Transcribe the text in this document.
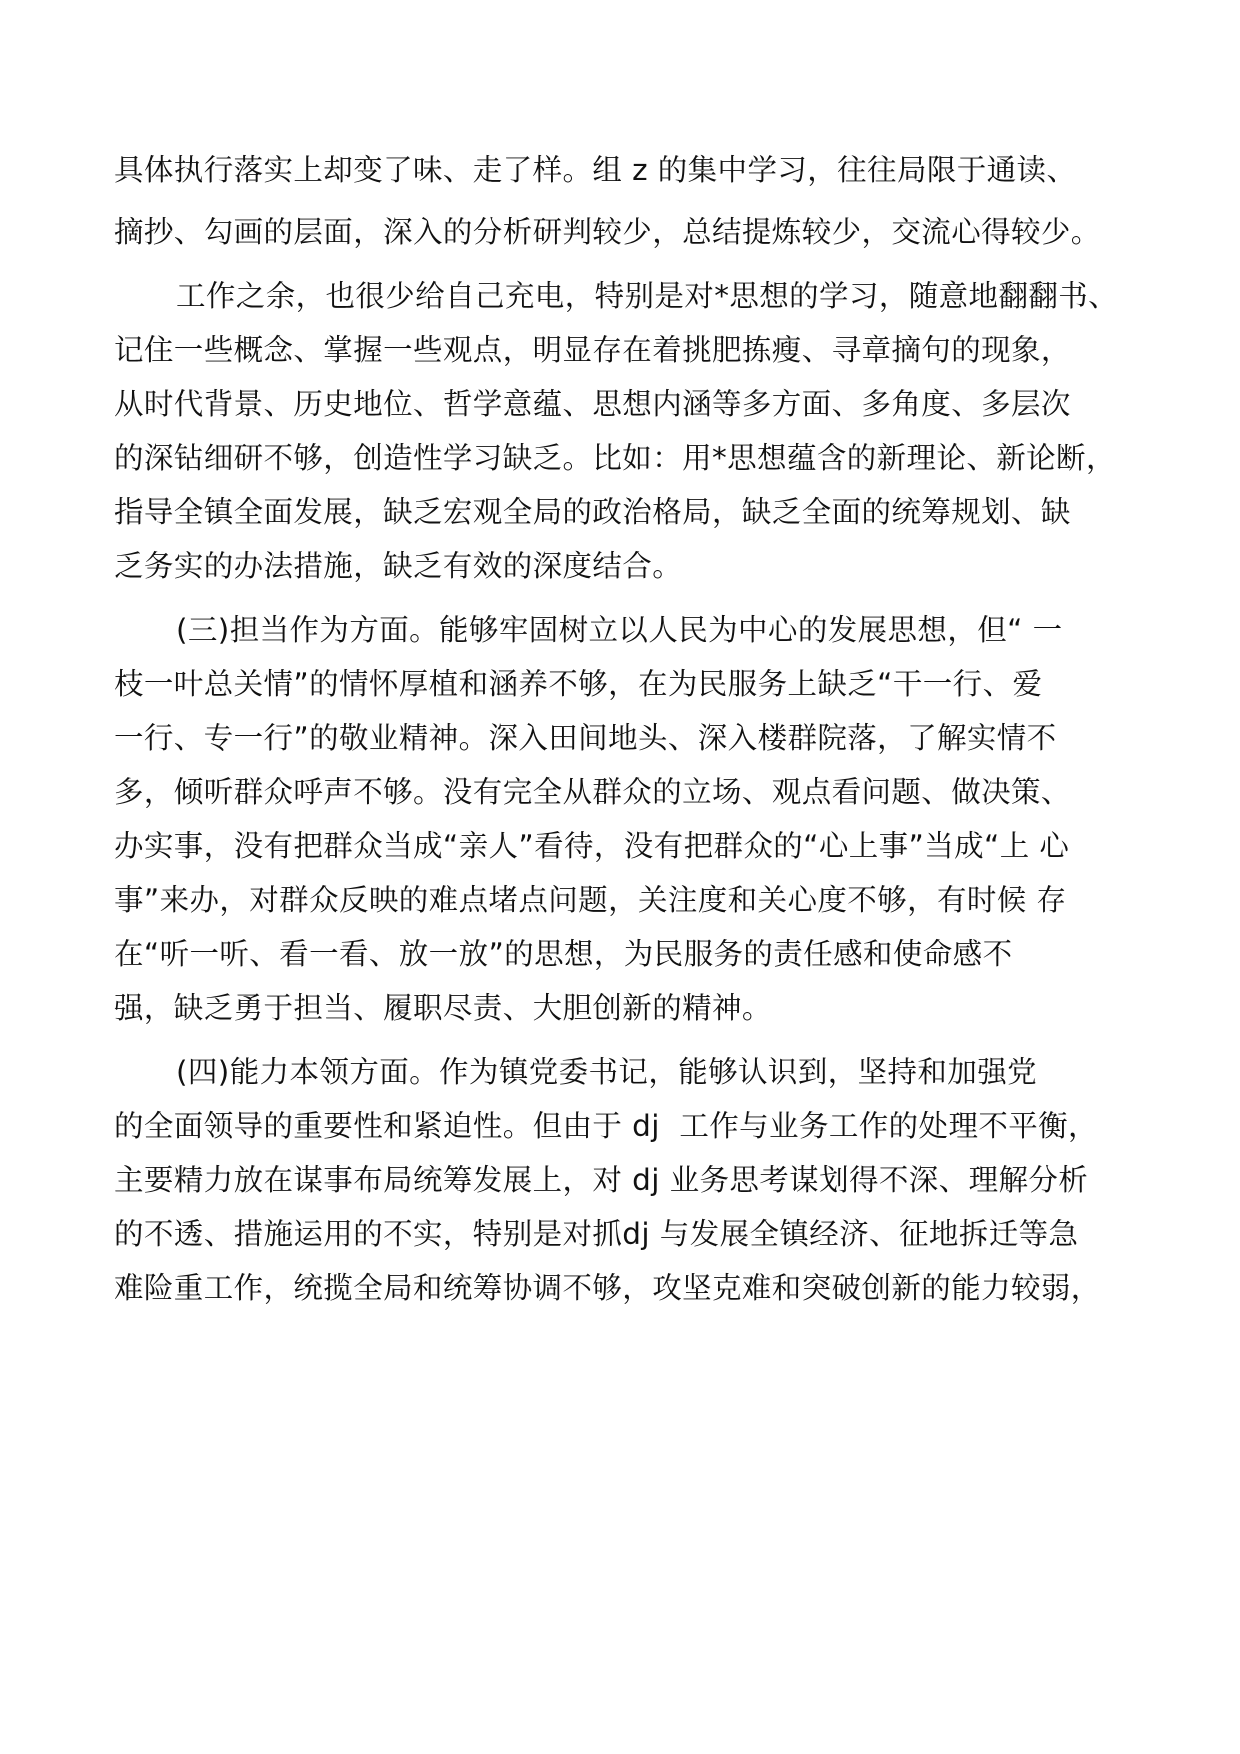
具体执行落实上却变了味、走了样。组 z 的集中学习，往往局限于通读、
摘抄、勾画的层面，深入的分析研判较少，总结提炼较少，交流心得较少。
工作之余，也很少给自己充电，特别是对*思想的学习，随意地翻翻书、
记住一些概念、掌握一些观点，明显存在着挑肥拣瘦、寻章摘句的现象，
从时代背景、历史地位、哲学意蕴、思想内涵等多方面、多角度、多层次
的深钻细研不够，创造性学习缺乏。比如：用*思想蕴含的新理论、新论断，
指导全镇全面发展，缺乏宏观全局的政治格局，缺乏全面的统筹规划、缺
乏务实的办法措施，缺乏有效的深度结合。
(三)担当作为方面。能够牢固树立以人民为中心的发展思想，但“ 一
枝一叶总关情”的情怀厚植和涵养不够，在为民服务上缺乏“干一行、爱
一行、专一行”的敬业精神。深入田间地头、深入楼群院落，了解实情不
多，倾听群众呼声不够。没有完全从群众的立场、观点看问题、做决策、
办实事，没有把群众当成“亲人”看待，没有把群众的“心上事”当成“上 心
事”来办，对群众反映的难点堵点问题，关注度和关心度不够，有时候 存
在“听一听、看一看、放一放”的思想，为民服务的责任感和使命感不
强，缺乏勇于担当、履职尽责、大胆创新的精神。
(四)能力本领方面。作为镇党委书记，能够认识到，坚持和加强党
的全面领导的重要性和紧迫性。但由于 dj  工作与业务工作的处理不平衡，
主要精力放在谋事布局统筹发展上，对 dj 业务思考谋划得不深、理解分析
的不透、措施运用的不实，特别是对抓dj 与发展全镇经济、征地拆迁等急
难险重工作，统揽全局和统筹协调不够，攻坚克难和突破创新的能力较弱，
